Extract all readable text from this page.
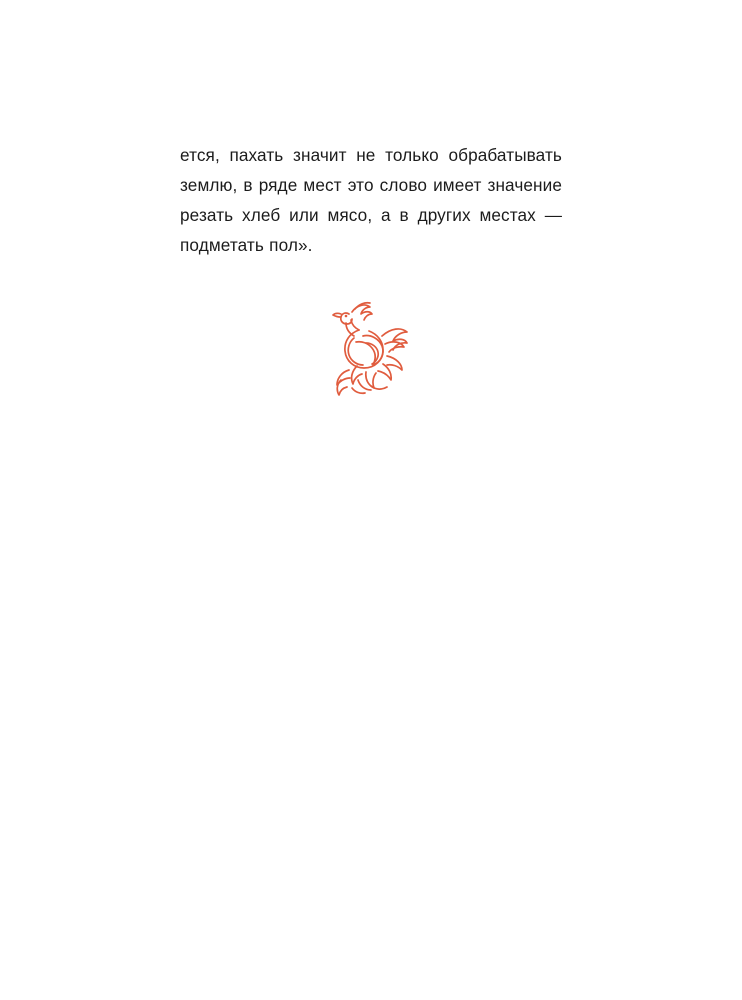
ется, пахать значит не только обрабатывать землю, в ряде мест это слово имеет значение резать хлеб или мясо, а в других местах — подметать пол».
